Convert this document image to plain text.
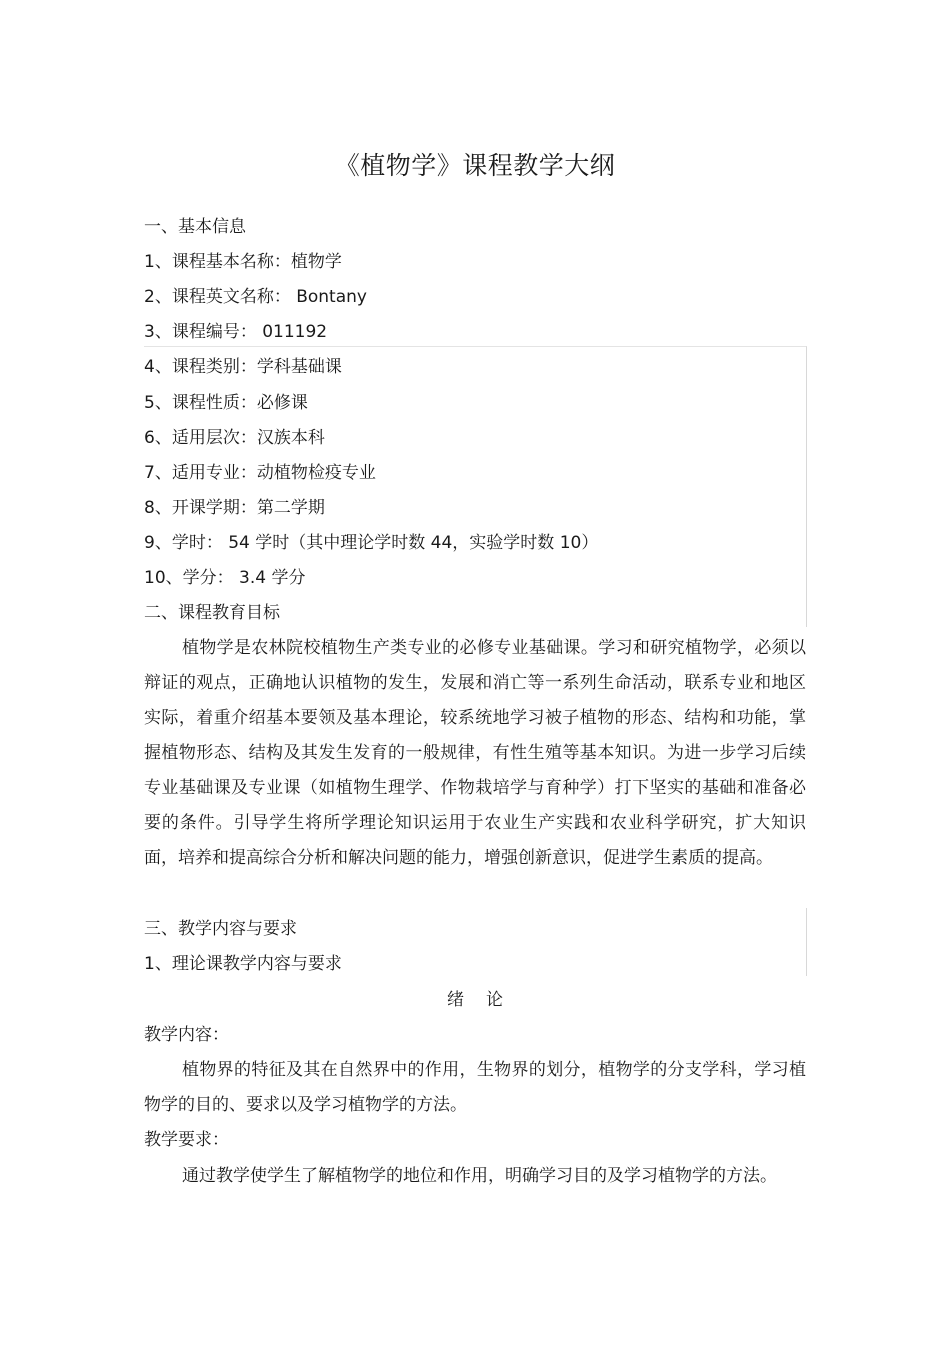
《植物学》课程教学大纲
一、基本信息
1、课程基本名称：植物学
2、课程英文名称： Bontany
3、课程编号： 011192
4、课程类别：学科基础课
5、课程性质：必修课
6、适用层次：汉族本科
7、适用专业：动植物检疫专业
8、开课学期：第二学期
9、学时： 54 学时（其中理论学时数 44，实验学时数 10）
10、学分： 3.4 学分
二、课程教育目标
植物学是农林院校植物生产类专业的必修专业基础课。学习和研究植物学，必须以辩证的观点，正确地认识植物的发生，发展和消亡等一系列生命活动，联系专业和地区实际，着重介绍基本要领及基本理论，较系统地学习被子植物的形态、结构和功能，掌握植物形态、结构及其发生发育的一般规律，有性生殖等基本知识。为进一步学习后续专业基础课及专业课（如植物生理学、作物栽培学与育种学）打下坚实的基础和准备必要的条件。引导学生将所学理论知识运用于农业生产实践和农业科学研究，扩大知识面，培养和提高综合分析和解决问题的能力，增强创新意识，促进学生素质的提高。
三、教学内容与要求
1、理论课教学内容与要求
绪论
教学内容：
植物界的特征及其在自然界中的作用，生物界的划分，植物学的分支学科，学习植物学的目的、要求以及学习植物学的方法。
教学要求：
通过教学使学生了解植物学的地位和作用，明确学习目的及学习植物学的方法。
